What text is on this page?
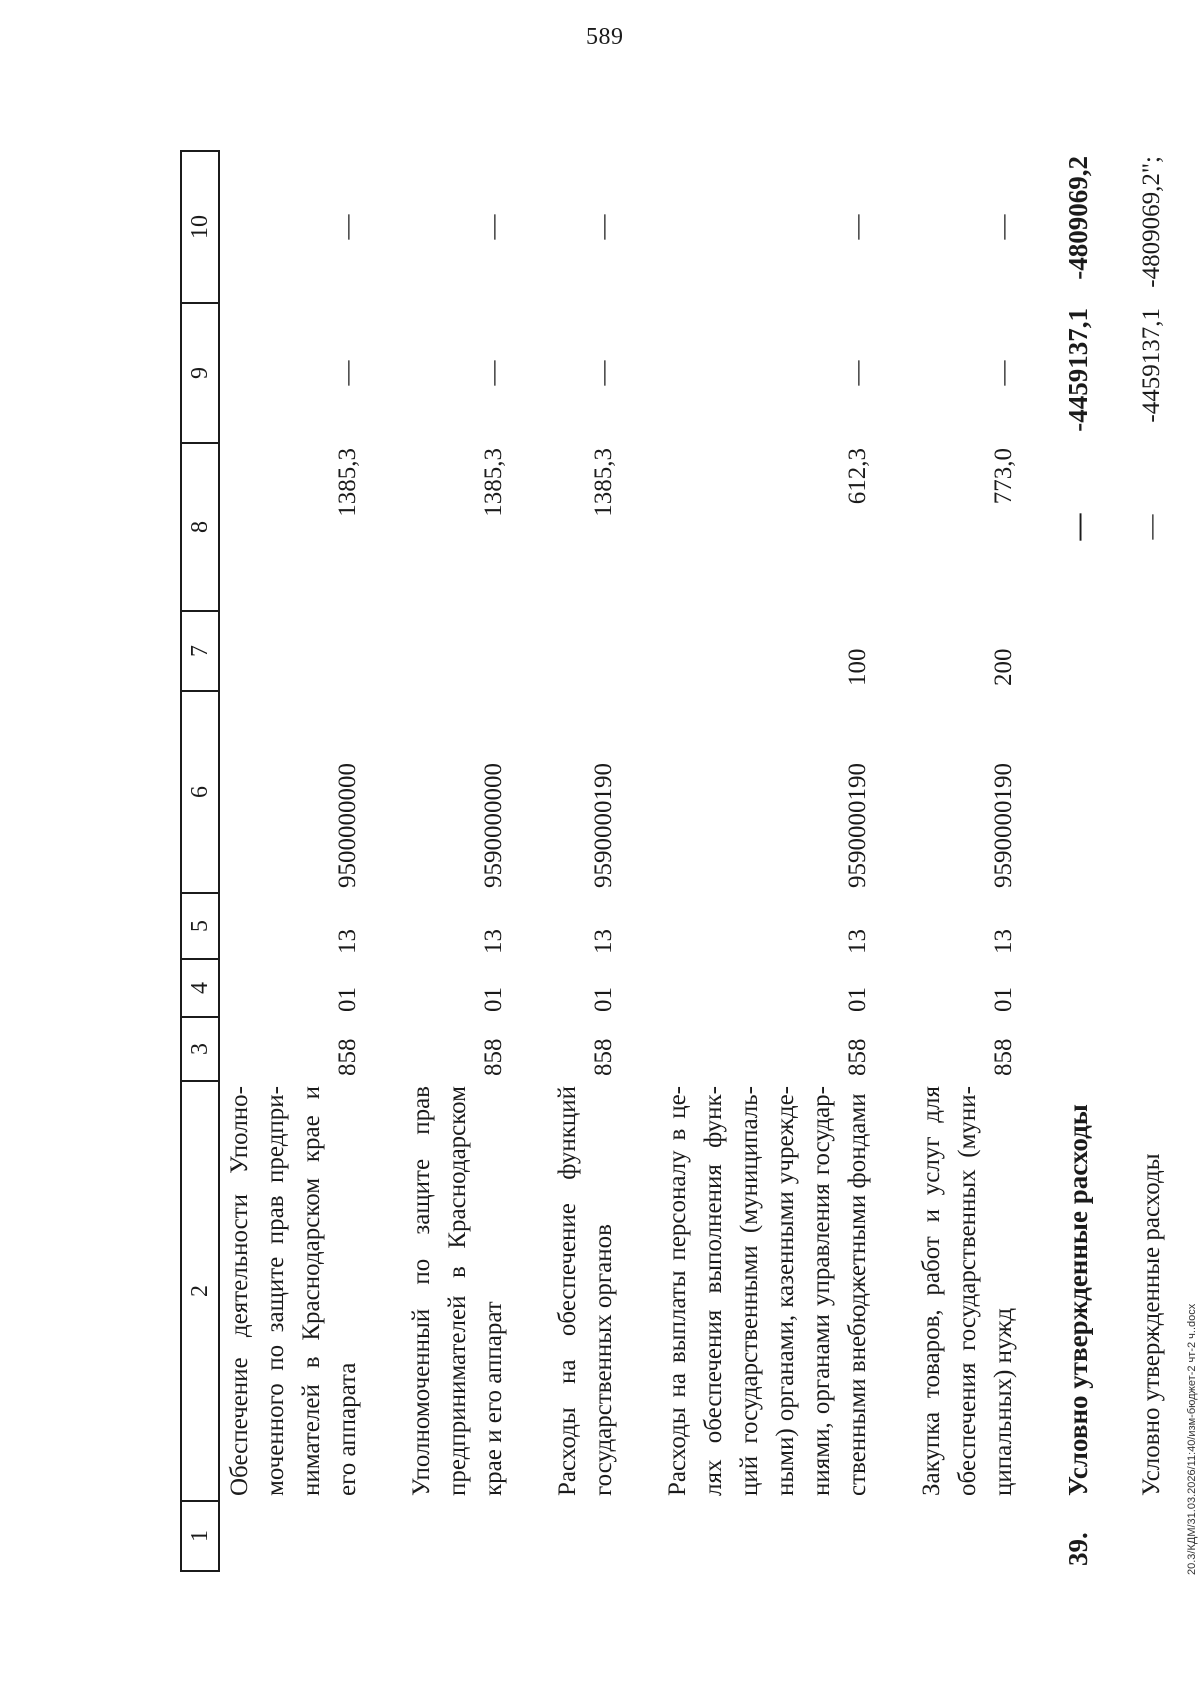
589
1	2	3	4	5	6	7	8	9	10
	Обеспечение деятельности Уполно- моченного по защите прав предпри- нимателей в Краснодарском крае и его аппарата	858	01	13	9500000000		1385,3	—	—

	Уполномоченный по защите прав предпринимателей в Краснодарском крае и его аппарат	858	01	13	9590000000		1385,3	—	—

	Расходы на обеспечение функций государственных органов	858	01	13	9590000190		1385,3	—	—

	Расходы на выплаты персоналу в це- лях обеспечения выполнения функ- ций государственными (муниципаль- ными) органами, казенными учрежде- ниями, органами управления государ- ственными внебюджетными фондами	858	01	13	9590000190	100	612,3	—	—

	Закупка товаров, работ и услуг для обеспечения государственных (муни- ципальных) нужд	858	01	13	9590000190	200	773,0	—	—

39.	Условно утвержденные расходы						—	-4459137,1	-4809069,2

	Условно утвержденные расходы						—	-4459137,1	-4809069,2";
20.3/КДМ/31.03.2026/11:40/изм-бюджет-2 чт-2 ч..docx
